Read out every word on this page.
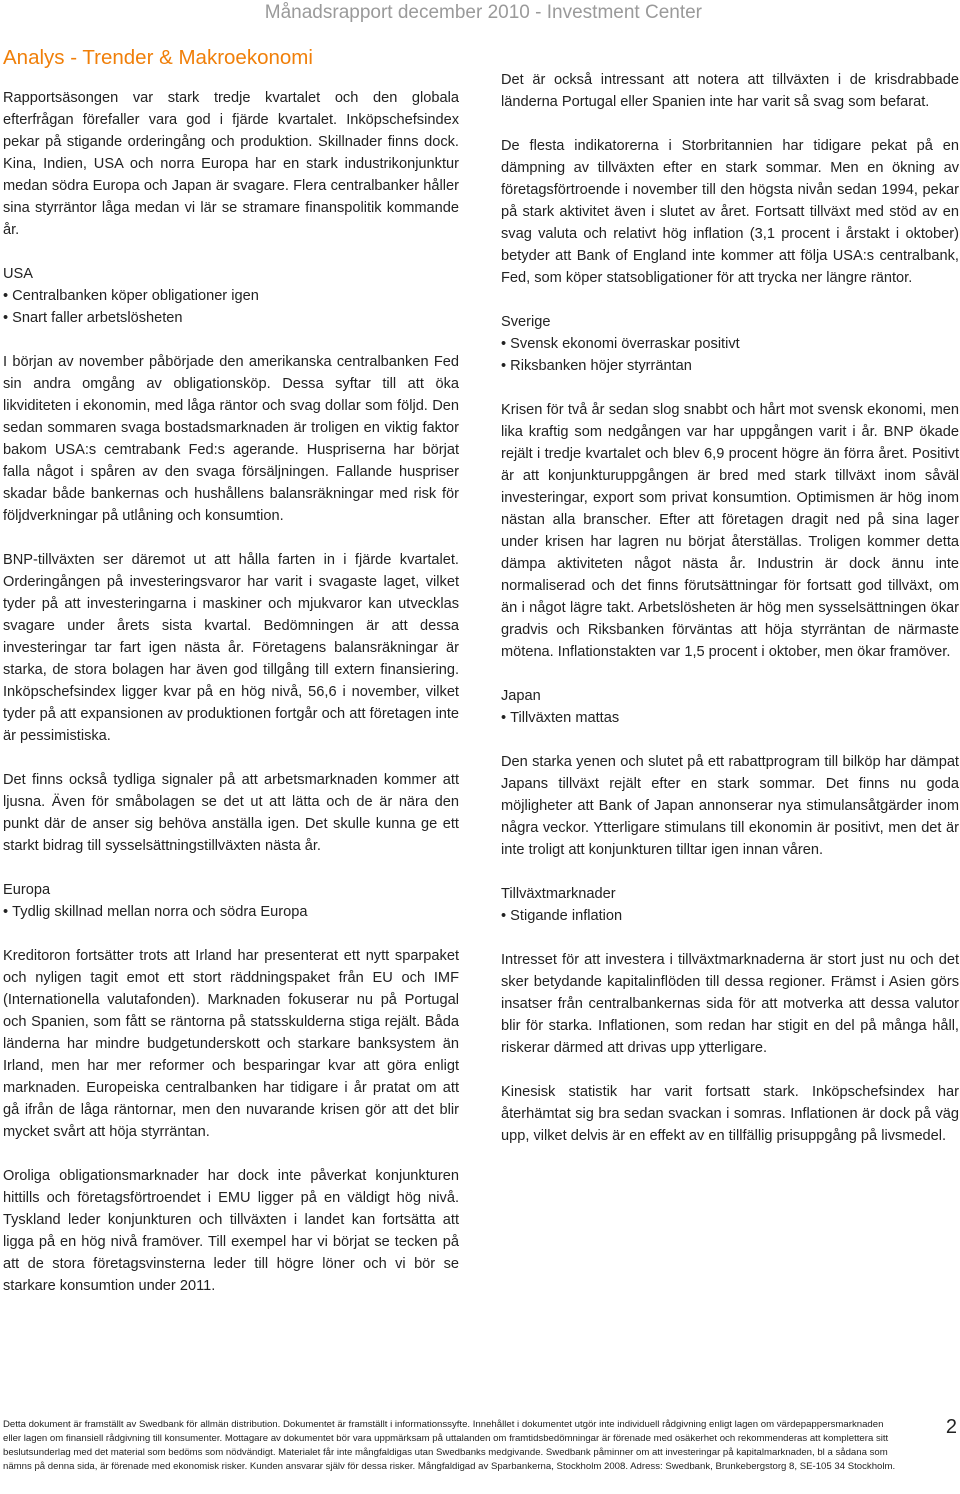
Månadsrapport december 2010 - Investment Center
Analys - Trender & Makroekonomi

Rapportsäsongen var stark tredje kvartalet och den globala efterfrågan förefaller vara god i fjärde kvartalet. Inköpschefsindex pekar på stigande orderingång och produktion. Skillnader finns dock. Kina, Indien, USA och norra Europa har en stark industrikonjunktur medan södra Europa och Japan är svagare. Flera centralbanker håller sina styrräntor låga medan vi lär se stramare finanspolitik kommande år.

USA
• Centralbanken köper obligationer igen
• Snart faller arbetslösheten

I början av november påbörjade den amerikanska centralbanken Fed sin andra omgång av obligationsköp. Dessa syftar till att öka likviditeten i ekonomin, med låga räntor och svag dollar som följd. Den sedan sommaren svaga bostadsmarknaden är troligen en viktig faktor bakom USA:s cemtrabank Fed:s agerande. Huspriserna har börjat falla något i spåren av den svaga försäljningen. Fallande huspriser skadar både bankernas och hushållens balansräkningar med risk för följdverkningar på utlåning och konsumtion.

BNP-tillväxten ser däremot ut att hålla farten in i fjärde kvartalet. Orderingången på investeringsvaror har varit i svagaste laget, vilket tyder på att investeringarna i maskiner och mjukvaror kan utvecklas svagare under årets sista kvartal. Bedömningen är att dessa investeringar tar fart igen nästa år. Företagens balansräkningar är starka, de stora bolagen har även god tillgång till extern finansiering. Inköpschefsindex ligger kvar på en hög nivå, 56,6 i november, vilket tyder på att expansionen av produktionen fortgår och att företagen inte är pessimistiska.

Det finns också tydliga signaler på att arbetsmarknaden kommer att ljusna. Även för småbolagen se det ut att lätta och de är nära den punkt där de anser sig behöva anställa igen. Det skulle kunna ge ett starkt bidrag till sysselsättningstillväxten nästa år.

Europa
• Tydlig skillnad mellan norra och södra Europa

Kreditoron fortsätter trots att Irland har presenterat ett nytt sparpaket och nyligen tagit emot ett stort räddningspaket från EU och IMF (Internationella valutafonden). Marknaden fokuserar nu på Portugal och Spanien, som fått se räntorna på statsskulderna stiga rejält. Båda länderna har mindre budgetunderskott och starkare banksystem än Irland, men har mer reformer och besparingar kvar att göra enligt marknaden. Europeiska centralbanken har tidigare i år pratat om att gå ifrån de låga räntornar, men den nuvarande krisen gör att det blir mycket svårt att höja styrräntan.

Oroliga obligationsmarknader har dock inte påverkat konjunkturen hittills och företagsförtroendet i EMU ligger på en väldigt hög nivå. Tyskland leder konjunkturen och tillväxten i landet kan fortsätta att ligga på en hög nivå framöver. Till exempel har vi börjat se tecken på att de stora företagsvinsterna leder till högre löner och vi bör se starkare konsumtion under 2011.

Det är också intressant att notera att tillväxten i de krisdrabbade länderna Portugal eller Spanien inte har varit så svag som befarat.

De flesta indikatorerna i Storbritannien har tidigare pekat på en dämpning av tillväxten efter en stark sommar. Men en ökning av företagsförtroende i november till den högsta nivån sedan 1994, pekar på stark aktivitet även i slutet av året. Fortsatt tillväxt med stöd av en svag valuta och relativt hög inflation (3,1 procent i årstakt i oktober) betyder att Bank of England inte kommer att följa USA:s centralbank, Fed, som köper statsobligationer för att trycka ner längre räntor.

Sverige
• Svensk ekonomi överraskar positivt
• Riksbanken höjer styrräntan

Krisen för två år sedan slog snabbt och hårt mot svensk ekonomi, men lika kraftig som nedgången var har uppgången varit i år. BNP ökade rejält i tredje kvartalet och blev 6,9 procent högre än förra året. Positivt är att konjunkturuppgången är bred med stark tillväxt inom såväl investeringar, export som privat konsumtion. Optimismen är hög inom nästan alla branscher. Efter att företagen dragit ned på sina lager under krisen har lagren nu börjat återställas. Troligen kommer detta dämpa aktiviteten något nästa år. Industrin är dock ännu inte normaliserad och det finns förutsättningar för fortsatt god tillväxt, om än i något lägre takt. Arbetslösheten är hög men sysselsättningen ökar gradvis och Riksbanken förväntas att höja styrräntan de närmaste mötena. Inflationstakten var 1,5 procent i oktober, men ökar framöver.

Japan
• Tillväxten mattas

Den starka yenen och slutet på ett rabattprogram till bilköp har dämpat Japans tillväxt rejält efter en stark sommar. Det finns nu goda möjligheter att Bank of Japan annonserar nya stimulansåtgärder inom några veckor. Ytterligare stimulans till ekonomin är positivt, men det är inte troligt att konjunkturen tilltar igen innan våren.

Tillväxtmarknader
• Stigande inflation

Intresset för att investera i tillväxtmarknaderna är stort just nu och det sker betydande kapitalinflöden till dessa regioner. Främst i Asien görs insatser från centralbankernas sida för att motverka att dessa valutor blir för starka. Inflationen, som redan har stigit en del på många håll, riskerar därmed att drivas upp ytterligare.

Kinesisk statistik har varit fortsatt stark. Inköpschefsindex har återhämtat sig bra sedan svackan i somras. Inflationen är dock på väg upp, vilket delvis är en effekt av en tillfällig prisuppgång på livsmedel.

Detta dokument är framställt av Swedbank för allmän distribution. Dokumentet är framställt i informationssyfte. Innehållet i dokumentet utgör inte individuell rådgivning enligt lagen om värdepappersmarknaden eller lagen om finansiell rådgivning till konsumenter. Mottagare av dokumentet bör vara uppmärksam på uttalanden om framtidsbedömningar är förenade med osäkerhet och rekommenderas att komplettera sitt beslutsunderlag med det material som bedöms som nödvändigt. Materialet får inte mångfaldigas utan Swedbanks medgivande. Swedbank påminner om att investeringar på kapitalmarknaden, bl a sådana som nämns på denna sida, är förenade med ekonomisk risker. Kunden ansvarar själv för dessa risker. Mångfaldigad av Sparbankerna, Stockholm 2008. Adress: Swedbank, Brunkebergstorg 8, SE-105 34 Stockholm.
2
